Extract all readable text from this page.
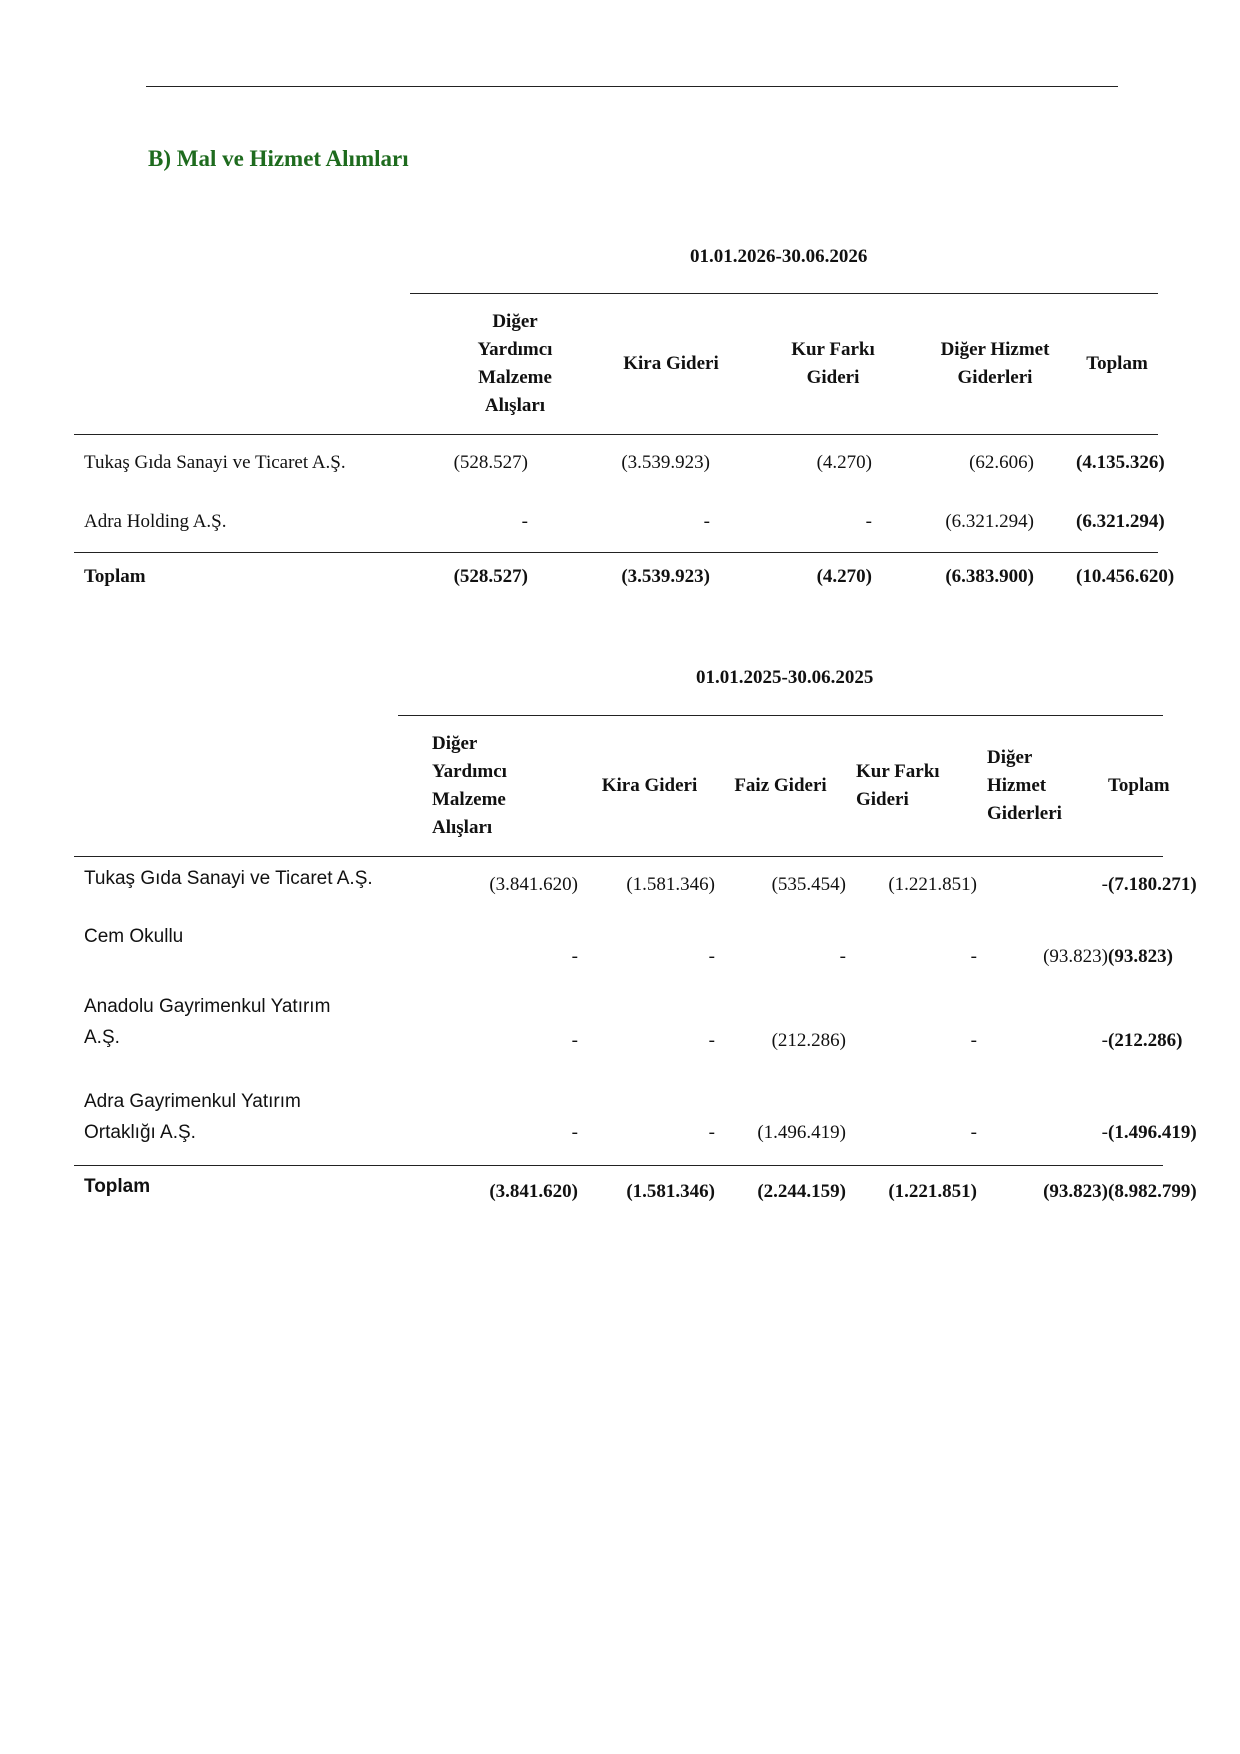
B) Mal ve Hizmet Alımları
01.01.2026-30.06.2026
	Diğer Yardımcı Malzeme Alışları	Kira Gideri	Kur Farkı Gideri	Diğer Hizmet Giderleri	Toplam
Tukaş Gıda Sanayi ve Ticaret A.Ş.	(528.527)	(3.539.923)	(4.270)	(62.606)	(4.135.326)
Adra Holding A.Ş.	-	-	-	(6.321.294)	(6.321.294)
Toplam	(528.527)	(3.539.923)	(4.270)	(6.383.900)	(10.456.620)
01.01.2025-30.06.2025
	Diğer Yardımcı Malzeme Alışları	Kira Gideri	Faiz Gideri	Kur Farkı Gideri	Diğer Hizmet Giderleri	Toplam
Tukaş Gıda Sanayi ve Ticaret A.Ş.	(3.841.620)	(1.581.346)	(535.454)	(1.221.851)	-	(7.180.271)
Cem Okullu	-	-	-	-	(93.823)	(93.823)
Anadolu Gayrimenkul Yatırım A.Ş.	-	-	(212.286)	-	-	(212.286)
Adra Gayrimenkul Yatırım Ortaklığı A.Ş.	-	-	(1.496.419)	-	-	(1.496.419)
Toplam	(3.841.620)	(1.581.346)	(2.244.159)	(1.221.851)	(93.823)	(8.982.799)
